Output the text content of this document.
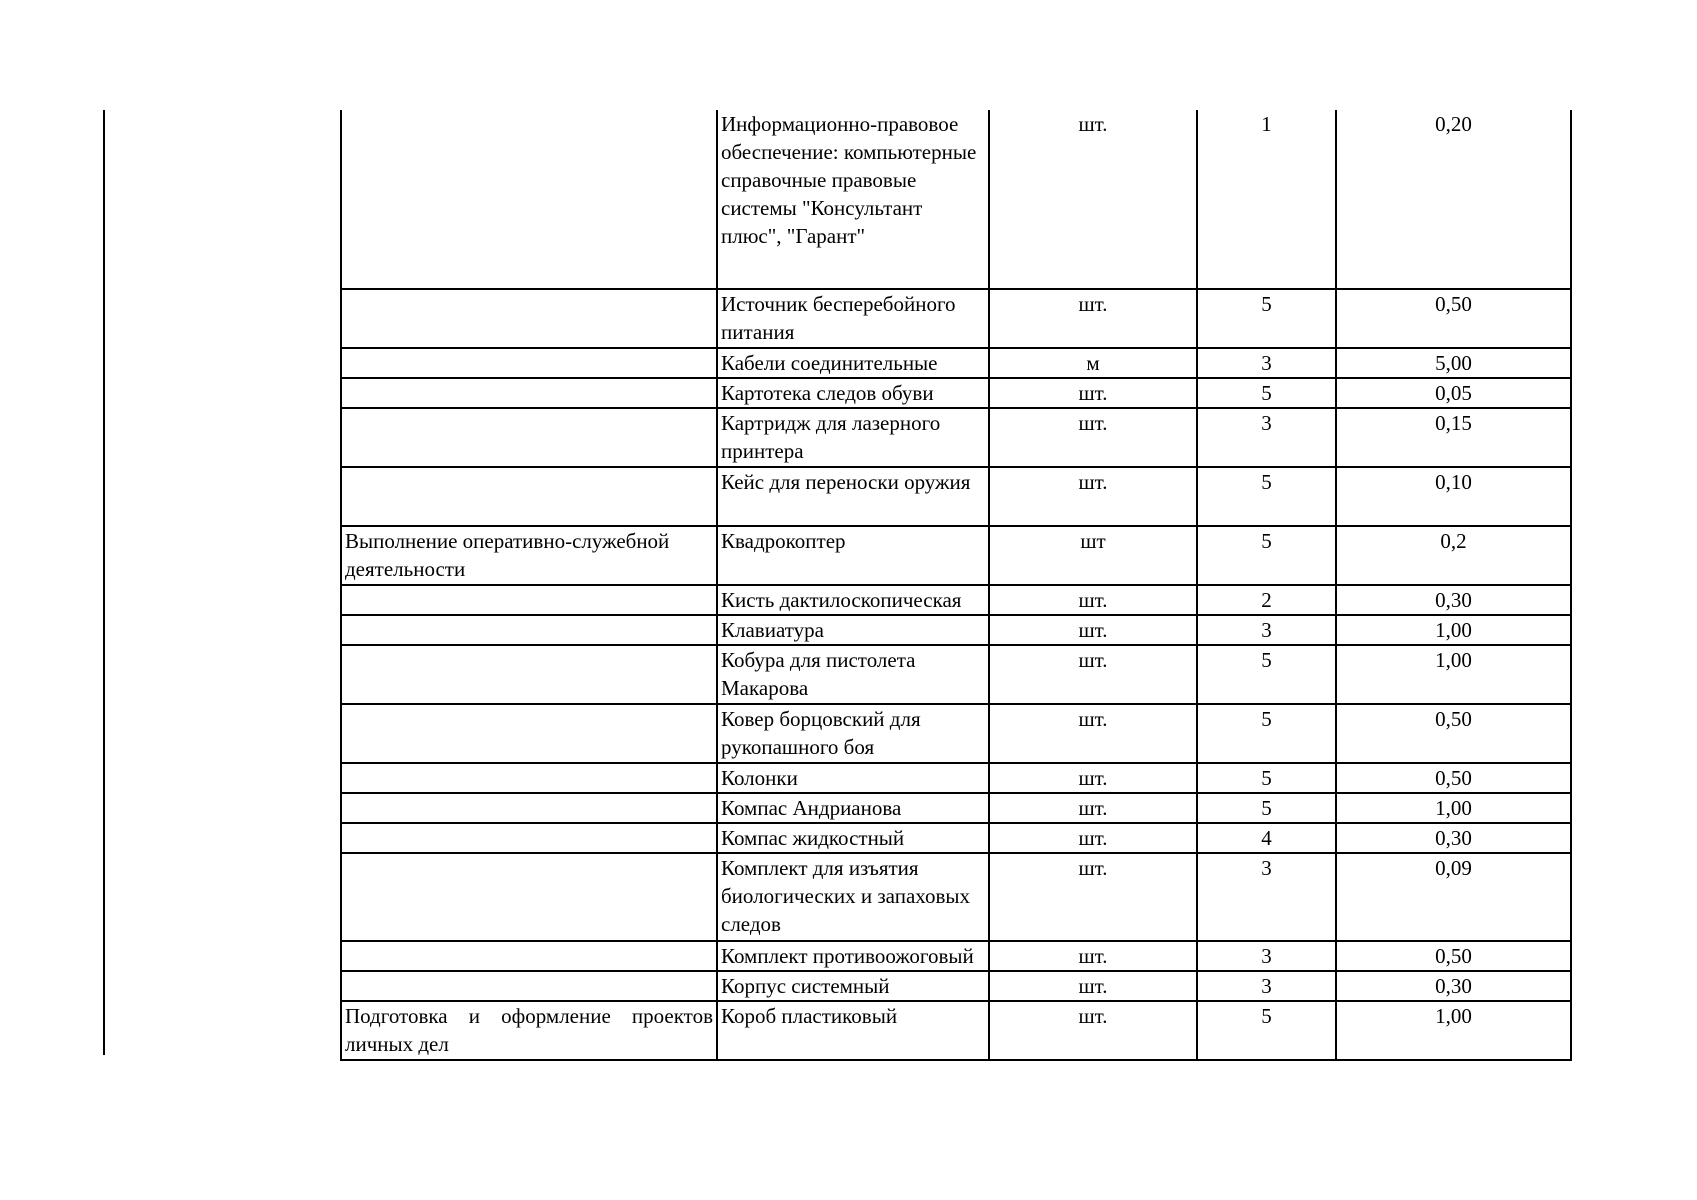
	Информационно-правовое обеспечение: компьютерные справочные правовые системы "Консультант плюс", "Гарант"	шт.	1	0,20
	Источник бесперебойного питания	шт.	5	0,50
	Кабели соединительные	м	3	5,00
	Картотека следов обуви	шт.	5	0,05
	Картридж для лазерного принтера	шт.	3	0,15
	Кейс для переноски оружия	шт.	5	0,10
Выполнение оперативно-служебной деятельности	Квадрокоптер	шт	5	0,2
	Кисть дактилоскопическая	шт.	2	0,30
	Клавиатура	шт.	3	1,00
	Кобура для пистолета Макарова	шт.	5	1,00
	Ковер борцовский для рукопашного боя	шт.	5	0,50
	Колонки	шт.	5	0,50
	Компас Андрианова	шт.	5	1,00
	Компас жидкостный	шт.	4	0,30
	Комплект для изъятия биологических и запаховых следов	шт.	3	0,09
	Комплект противоожоговый	шт.	3	0,50
	Корпус системный	шт.	3	0,30
Подготовка и оформление проектов личных дел	Короб пластиковый	шт.	5	1,00
